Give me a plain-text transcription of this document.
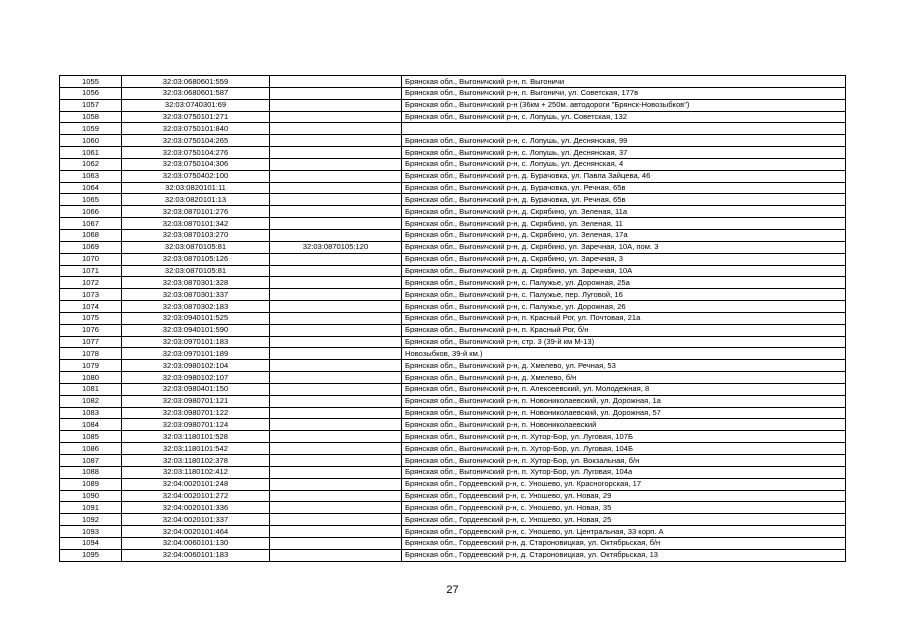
1055	32:03:0680601:559		Брянская обл., Выгоничский р-н, п. Выгоничи
1056	32:03:0680601:587		Брянская обл., Выгоничский р-н, п. Выгоничи, ул. Советская, 177в
1057	32:03:0740301:69		Брянская обл., Выгоничский р-н (36км + 250м. автодороги "Брянск-Новозыбков")
1058	32:03:0750101:271		Брянская обл., Выгоничский р-н, с. Лопушь, ул. Советская, 132
1059	32:03:0750101:840		
1060	32:03:0750104:265		Брянская обл., Выгоничский р-н, с. Лопушь, ул. Деснянская, 99
1061	32:03:0750104:276		Брянская обл., Выгоничский р-н, с. Лопушь, ул. Деснянская, 37
1062	32:03:0750104:306		Брянская обл., Выгоничский р-н, с. Лопушь, ул. Деснянская, 4
1063	32:03:0750402:100		Брянская обл., Выгоничский р-н, д. Бурачовка, ул. Павла Зайцева, 46
1064	32:03:0820101:11		Брянская обл., Выгоничский р-н, д. Бурачовка, ул. Речная, 65в
1065	32:03:0820101:13		Брянская обл., Выгоничский р-н, д. Бурачовка, ул. Речная, 65в
1066	32:03:0870101:276		Брянская обл., Выгоничский р-н, д. Скрябино, ул. Зеленая, 11а
1067	32:03:0870101:342		Брянская обл., Выгоничский р-н, д. Скрябино, ул. Зеленая, 11
1068	32:03:0870103:270		Брянская обл., Выгоничский р-н, д. Скрябино, ул. Зеленая, 17а
1069	32:03:0870105:81	32:03:0870105:120	Брянская обл., Выгоничский р-н, д. Скрябино, ул. Заречная, 10А, пом. 3
1070	32:03:0870105:126		Брянская обл., Выгоничский р-н, д. Скрябино, ул. Заречная, 3
1071	32:03:0870105:81		Брянская обл., Выгоничский р-н, д. Скрябино, ул. Заречная, 10А
1072	32:03:0870301:328		Брянская обл., Выгоничский р-н, с. Палужье, ул. Дорожная, 25а
1073	32:03:0870301:337		Брянская обл., Выгоничский р-н, с. Палужье, пер. Луговой, 16
1074	32:03:0870302:183		Брянская обл., Выгоничский р-н, с. Палужье, ул. Дорожная, 26
1075	32:03:0940101:525		Брянская обл., Выгоничский р-н, п. Красный Рог, ул. Почтовая, 21а
1076	32:03:0940101:590		Брянская обл., Выгоничский р-н, п. Красный Рог, б/н
1077	32:03:0970101:183		Брянская обл., Выгоничский р-н, стр. 3 (39-й км М-13)
1078	32:03:0970101:189		Новозыбков, 39-й км.)
1079	32:03:0980102:104		Брянская обл., Выгоничский р-н, д. Хмелево, ул. Речная, 53
1080	32:03:0980102:107		Брянская обл., Выгоничский р-н, д. Хмелево, б/н
1081	32:03:0980401:150		Брянская обл., Выгоничский р-н, п. Алексеевский, ул. Молодежная, 8
1082	32:03:0980701:121		Брянская обл., Выгоничский р-н, п. Новониколаевский, ул. Дорожная, 1а
1083	32:03:0980701:122		Брянская обл., Выгоничский р-н, п. Новониколаевский, ул. Дорожная, 57
1084	32:03:0980701:124		Брянская обл., Выгоничский р-н, п. Новониколаевский
1085	32:03:1180101:528		Брянская обл., Выгоничский р-н, п. Хутор-Бор, ул. Луговая, 107Б
1086	32:03:1180101:542		Брянская обл., Выгоничский р-н, п. Хутор-Бор, ул. Луговая, 104Б
1087	32:03:1180102:378		Брянская обл., Выгоничский р-н, п. Хутор-Бор, ул. Вокзальная, б/н
1088	32:03:1180102:412		Брянская обл., Выгоничский р-н, п. Хутор-Бор, ул. Луговая, 104а
1089	32:04:0020101:248		Брянская обл., Гордеевский р-н, с. Уношево, ул. Красногорская, 17
1090	32:04:0020101:272		Брянская обл., Гордеевский р-н, с. Уношево, ул. Новая, 29
1091	32:04:0020101:336		Брянская обл., Гордеевский р-н, с. Уношево, ул. Новая, 35
1092	32:04:0020101:337		Брянская обл., Гордеевский р-н, с. Уношево, ул. Новая, 25
1093	32:04:0020101:464		Брянская обл., Гордеевский р-н, с. Уношево, ул. Центральная, 33 корп. А
1094	32:04:0060101:130		Брянская обл., Гордеевский р-н, д. Староновицкая, ул. Октябрьская, б/н
1095	32:04:0060101:183		Брянская обл., Гордеевский р-н, д. Староновицкая, ул. Октябрьская, 13
27
